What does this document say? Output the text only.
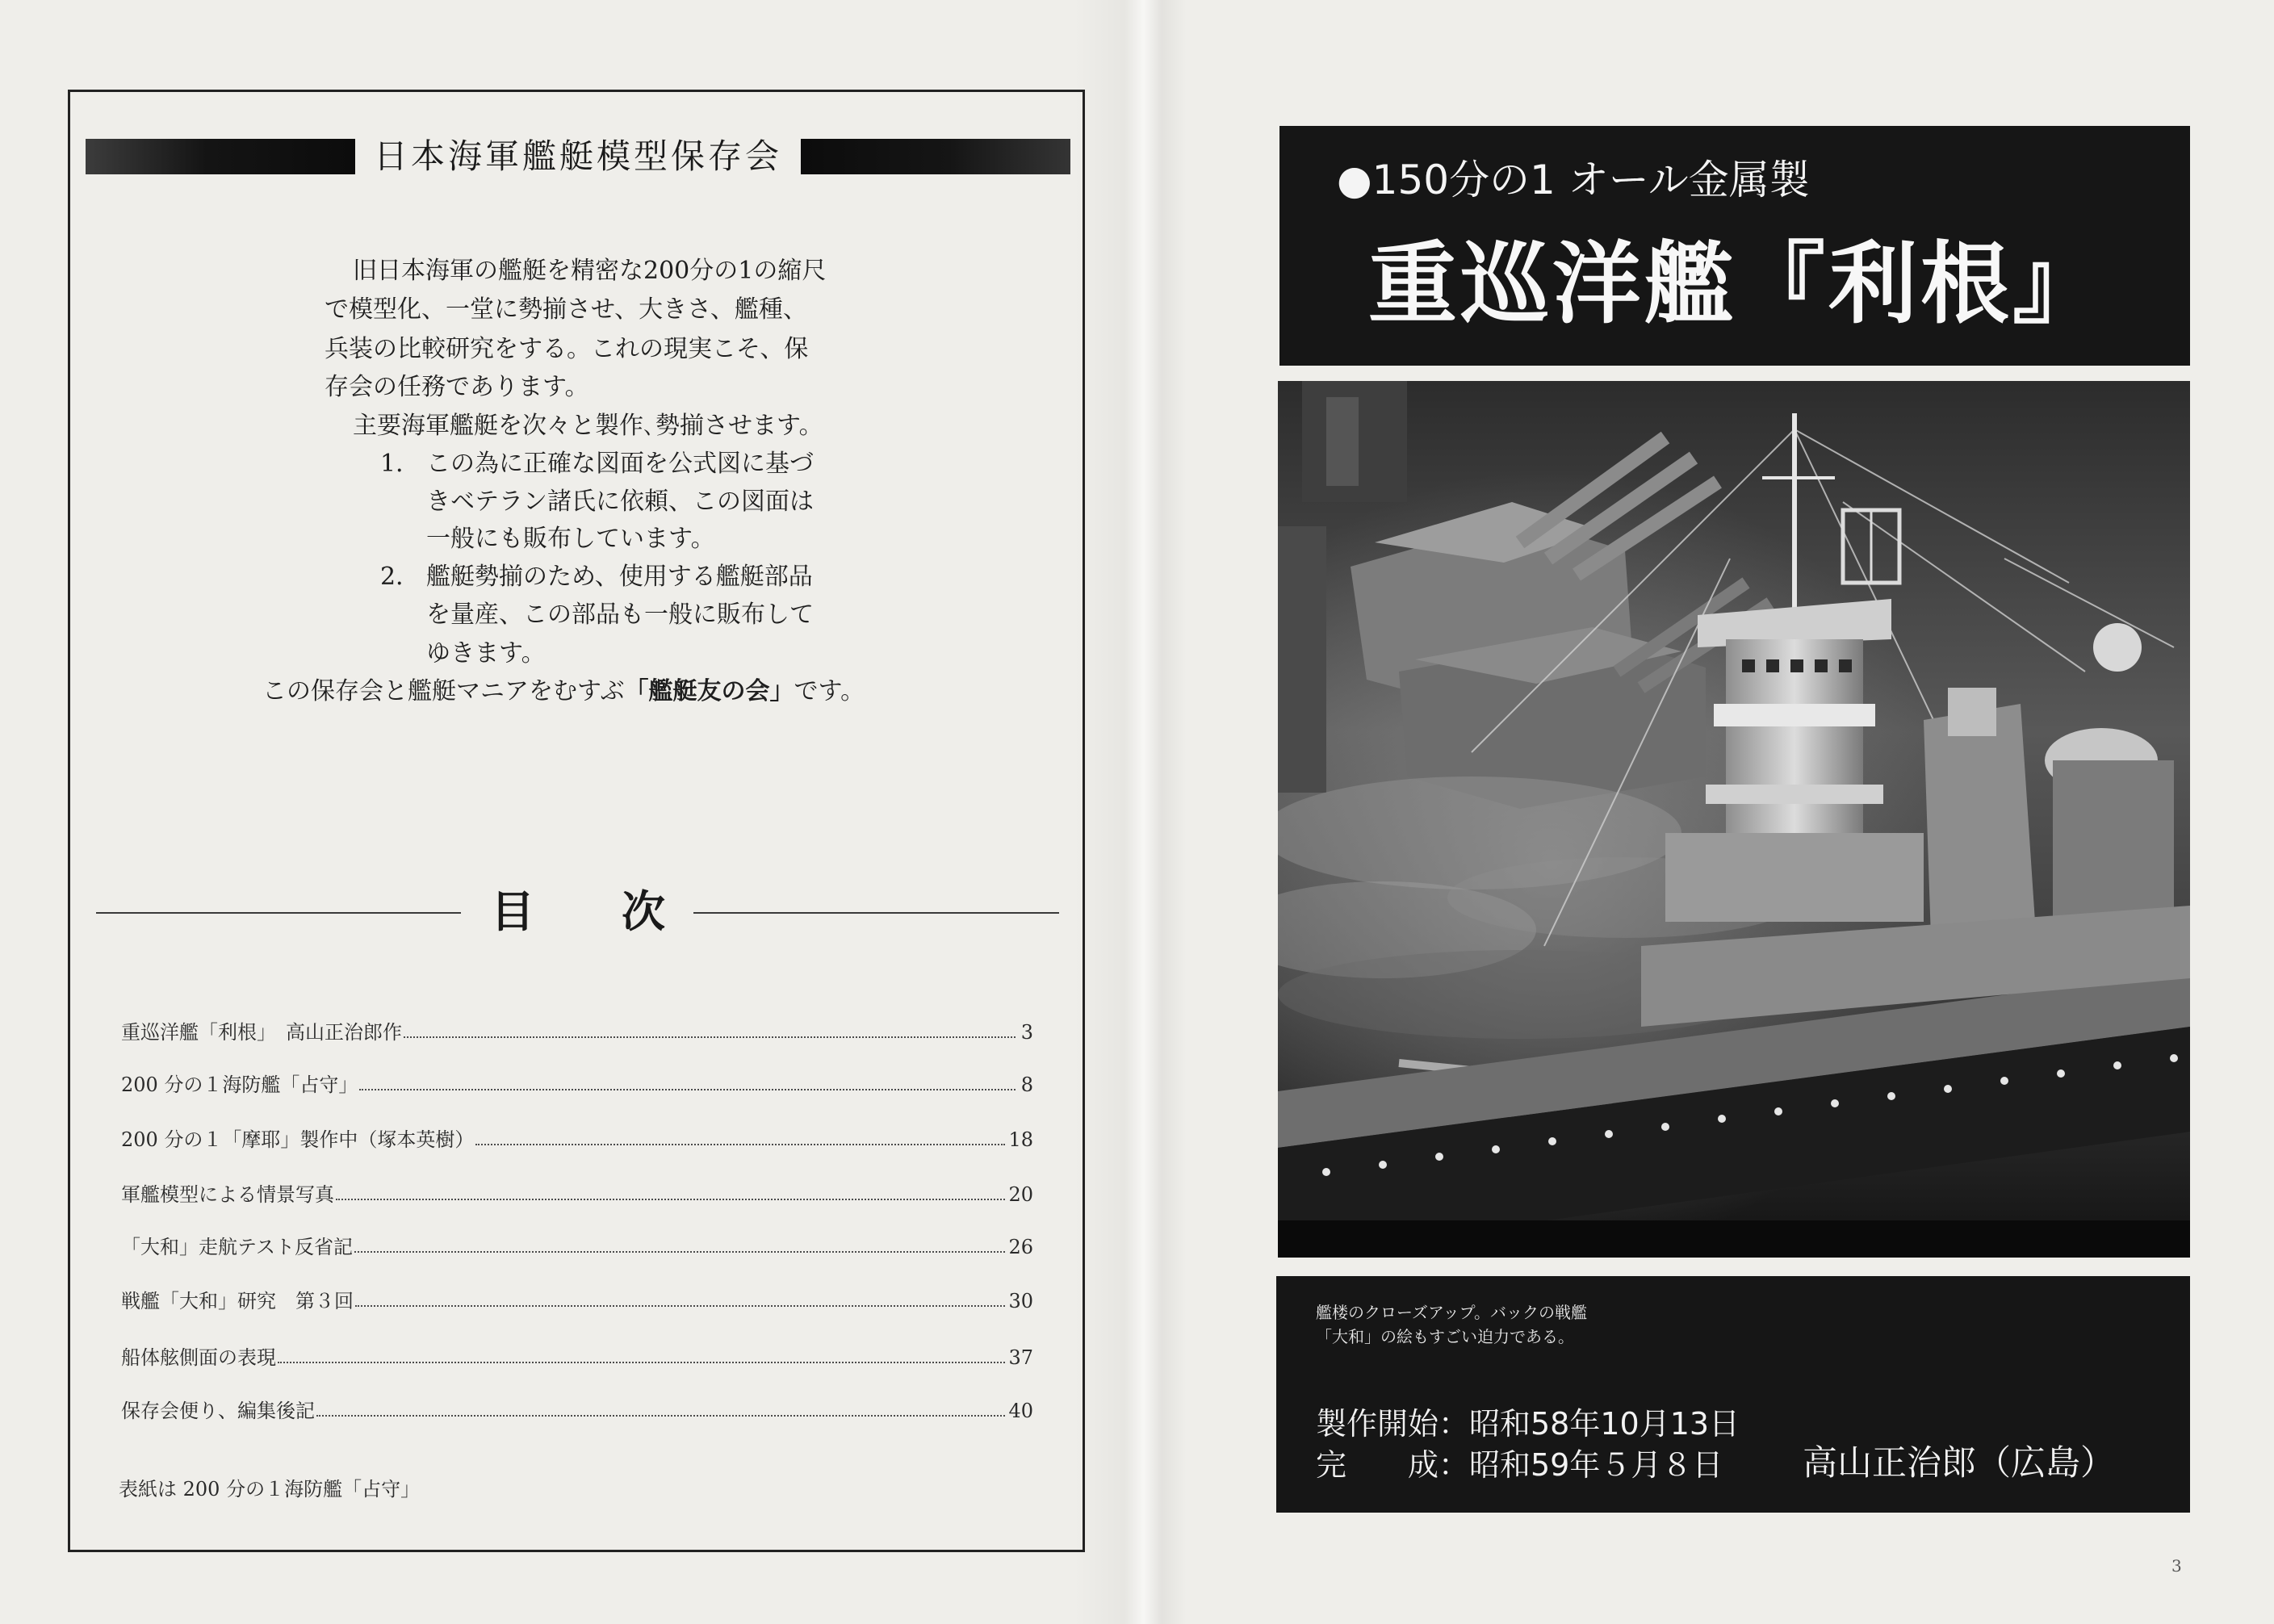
日本海軍艦艇模型保存会
旧日本海軍の艦艇を精密な200分の1の縮尺
で模型化、一堂に勢揃させ、大きさ、艦種、
兵装の比較研究をする。これの現実こそ、保
存会の任務であります。
主要海軍艦艇を次々と製作､勢揃させます。
1． この為に正確な図面を公式図に基づ
きベテラン諸氏に依頼、この図面は
一般にも販布しています。
2． 艦艇勢揃のため、使用する艦艇部品
を量産、この部品も一般に販布して
ゆきます。
この保存会と艦艇マニアをむすぶ「艦艇友の会」です。
目 次
重巡洋艦「利根」　高山正治郎作	3
200 分の１海防艦「占守」	8
200 分の１「摩耶」製作中（塚本英樹）	18
軍艦模型による情景写真	20
「大和」走航テスト反省記	26
戦艦「大和」研究　第３回	30
船体舷側面の表現	37
保存会便り、編集後記	40
表紙は 200 分の１海防艦「占守」
●150分の1 オール金属製
重巡洋艦『利根』
艦楼のクローズアップ。バックの戦艦
「大和」の絵もすごい迫力である。
製作開始：昭和58年10月13日
完　　成：昭和59年５月８日 高山正治郎（広島）
3
